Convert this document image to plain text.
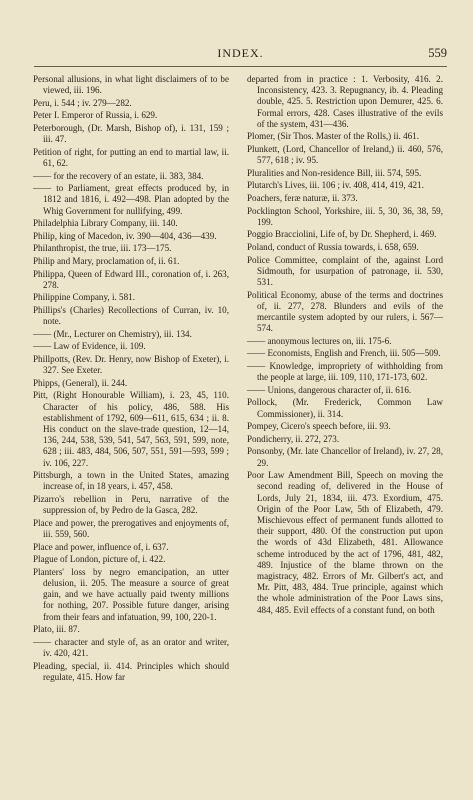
INDEX.	559

Personal allusions, in what light disclaimers of to be viewed, iii. 196.

Peru, i. 544 ; iv. 279—282.

Peter I. Emperor of Russia, i. 629.

Peterborough, (Dr. Marsh, Bishop of), i. 131, 159 ; iii. 47.

Petition of right, for putting an end to martial law, ii. 61, 62.

—— for the recovery of an estate, ii. 383, 384.

—— to Parliament, great effects produced by, in 1812 and 1816, i. 492—498. Plan adopted by the Whig Government for nullifying, 499.

Philadelphia Library Company, iii. 140.

Philip, king of Macedon, iv. 390—404, 436—439.

Philanthropist, the true, iii. 173—175.

Philip and Mary, proclamation of, ii. 61.

Philippa, Queen of Edward III., coronation of, i. 263, 278.

Philippine Company, i. 581.

Phillips's (Charles) Recollections of Curran, iv. 10, note.

—— (Mr., Lecturer on Chemistry), iii. 134.

—— Law of Evidence, ii. 109.

Phillpotts, (Rev. Dr. Henry, now Bishop of Exeter), i. 327. See Exeter.

Phipps, (General), ii. 244.

Pitt, (Right Honourable William), i. 23, 45, 110. Character of his policy, 486, 588. His establishment of 1792, 609—611, 615, 634 ; ii. 8. His conduct on the slave-trade question, 12—14, 136, 244, 538, 539, 541, 547, 563, 591, 599, note, 628 ; iii. 483, 484, 506, 507, 551, 591—593, 599 ; iv. 106, 227.

Pittsburgh, a town in the United States, amazing increase of, in 18 years, i. 457, 458.

Pizarro's rebellion in Peru, narrative of the suppression of, by Pedro de la Gasca, 282.

Place and power, the prerogatives and enjoyments of, iii. 559, 560.

Place and power, influence of, i. 637.

Plague of London, picture of, i. 422.

Planters' loss by negro emancipation, an utter delusion, ii. 205. The measure a source of great gain, and we have actually paid twenty millions for nothing, 207. Possible future danger, arising from their fears and infatuation, 99, 100, 220-1.

Plato, iii. 87.

—— character and style of, as an orator and writer, iv. 420, 421.

Pleading, special, ii. 414. Principles which should regulate, 415. How far

departed from in practice : 1. Verbosity, 416. 2. Inconsistency, 423. 3. Repugnancy, ib. 4. Pleading double, 425. 5. Restriction upon Demurer, 425. 6. Formal errors, 428. Cases illustrative of the evils of the system, 431—436.

Plomer, (Sir Thos. Master of the Rolls,) ii. 461.

Plunkett, (Lord, Chancellor of Ireland,) ii. 460, 576, 577, 618 ; iv. 95.

Pluralities and Non-residence Bill, iii. 574, 595.

Plutarch's Lives, iii. 106 ; iv. 408, 414, 419, 421.

Poachers, feræ naturæ, ii. 373.

Pocklington School, Yorkshire, iii. 5, 30, 36, 38, 59, 199.

Poggio Bracciolini, Life of, by Dr. Shepherd, i. 469.

Poland, conduct of Russia towards, i. 658, 659.

Police Committee, complaint of the, against Lord Sidmouth, for usurpation of patronage, ii. 530, 531.

Political Economy, abuse of the terms and doctrines of, ii. 277, 278. Blunders and evils of the mercantile system adopted by our rulers, i. 567—574.

—— anonymous lectures on, iii. 175-6.

—— Economists, English and French, iii. 505—509.

—— Knowledge, impropriety of withholding from the people at large, iii. 109, 110, 171-173, 602.

—— Unions, dangerous character of, ii. 616.

Pollock, (Mr. Frederick, Common Law Commissioner), ii. 314.

Pompey, Cicero's speech before, iii. 93.

Pondicherry, ii. 272, 273.

Ponsonby, (Mr. late Chancellor of Ireland), iv. 27, 28, 29.

Poor Law Amendment Bill, Speech on moving the second reading of, delivered in the House of Lords, July 21, 1834, iii. 473. Exordium, 475. Origin of the Poor Law, 5th of Elizabeth, 479. Mischievous effect of permanent funds allotted to their support, 480. Of the construction put upon the words of 43d Elizabeth, 481. Allowance scheme introduced by the act of 1796, 481, 482, 489. Injustice of the blame thrown on the magistracy, 482. Errors of Mr. Gilbert's act, and Mr. Pitt, 483, 484. True principle, against which the whole administration of the Poor Laws sins, 484, 485. Evil effects of a constant fund, on both
